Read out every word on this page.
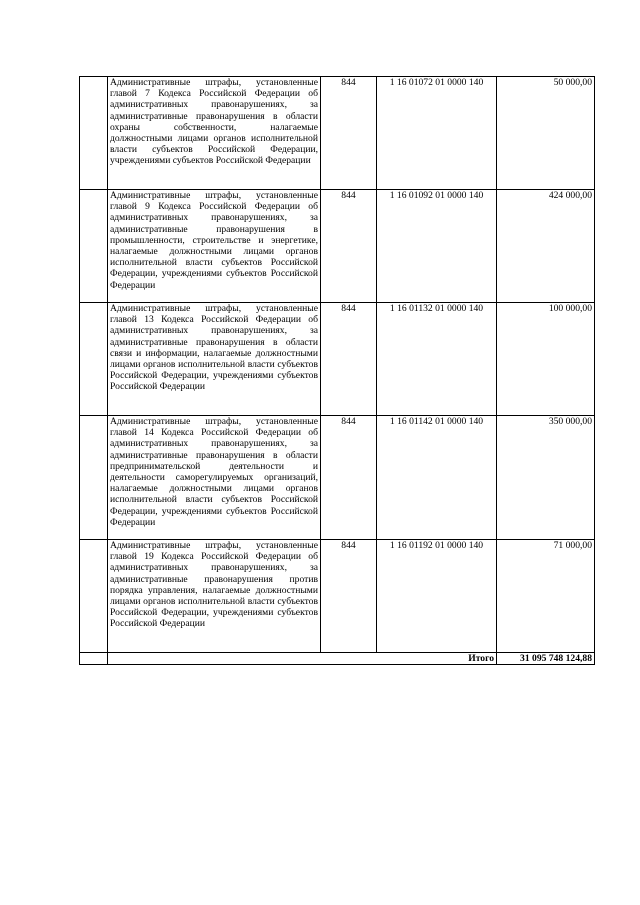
	Административные штрафы, установленные главой 7 Кодекса Российской Федерации об административных правонарушениях, за административные правонарушения в области охраны собственности, налагаемые должностными лицами органов исполнительной власти субъектов Российской Федерации, учреждениями субъектов Российской Федерации	844	1 16 01072 01 0000 140	50 000,00
	Административные штрафы, установленные главой 9 Кодекса Российской Федерации об административных правонарушениях, за административные правонарушения в промышленности, строительстве и энергетике, налагаемые должностными лицами органов исполнительной власти субъектов Российской Федерации, учреждениями субъектов Российской Федерации	844	1 16 01092 01 0000 140	424 000,00
	Административные штрафы, установленные главой 13 Кодекса Российской Федерации об административных правонарушениях, за административные правонарушения в области связи и информации, налагаемые должностными лицами органов исполнительной власти субъектов Российской Федерации, учреждениями субъектов Российской Федерации	844	1 16 01132 01 0000 140	100 000,00
	Административные штрафы, установленные главой 14 Кодекса Российской Федерации об административных правонарушениях, за административные правонарушения в области предпринимательской деятельности и деятельности саморегулируемых организаций, налагаемые должностными лицами органов исполнительной власти субъектов Российской Федерации, учреждениями субъектов Российской Федерации	844	1 16 01142 01 0000 140	350 000,00
	Административные штрафы, установленные главой 19 Кодекса Российской Федерации об административных правонарушениях, за административные правонарушения против порядка управления, налагаемые должностными лицами органов исполнительной власти субъектов Российской Федерации, учреждениями субъектов Российской Федерации	844	1 16 01192 01 0000 140	71 000,00
	Итого			31 095 748 124,88
